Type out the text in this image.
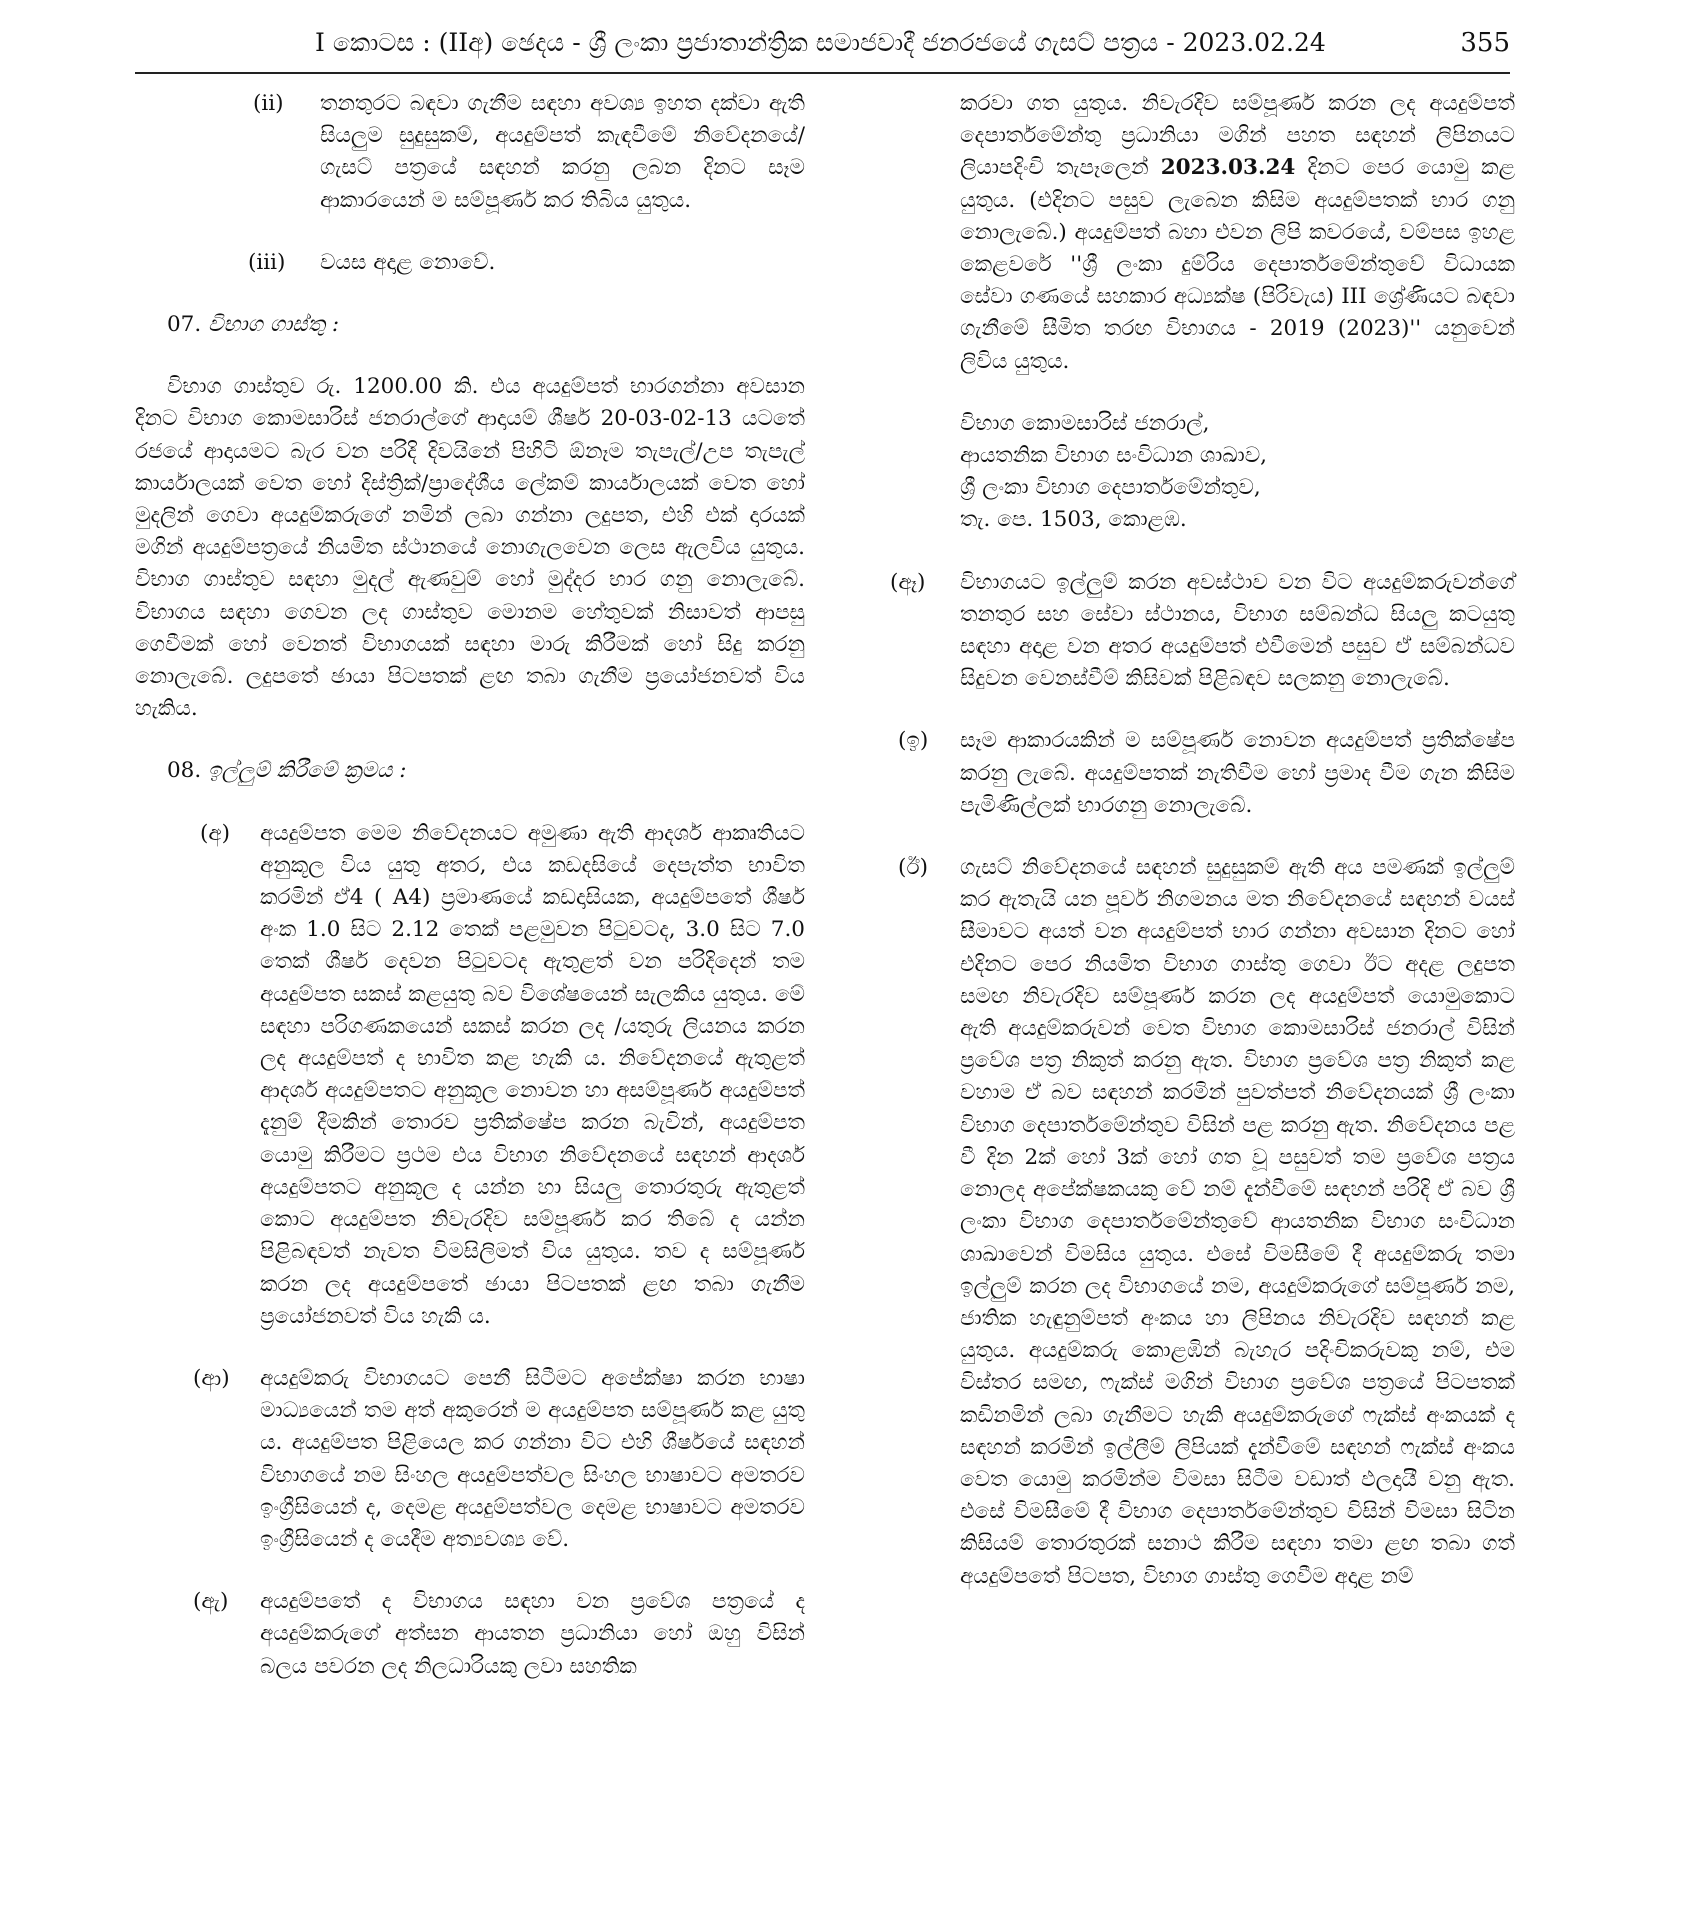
I කොටස : (IIඅ) ඡෙදය - ශ්‍රී ලංකා ප්‍රජාතාන්ත්‍රික සමාජවාදී ජනරජයේ ගැසට් පත්‍රය - 2023.02.24	355
(ii) තනතුරට බඳවා ගැනීම සඳහා අවශ්‍ය ඉහත දක්වා ඇති සියලුම සුදුසුකම්, අයදුම්පත් කැඳවීමේ නිවේදනයේ/ගැසට් පත්‍රයේ සඳහන් කරනු ලබන දිනට සෑම ආකාරයෙන් ම සම්පූර්ණ කර තිබිය යුතුය.

(iii) වයස අදාළ නොවේ.

07. විභාග ගාස්තු :

විභාග ගාස්තුව රු. 1200.00 කි. එය අයදුම්පත් භාරගන්නා අවසාන දිනට විභාග කොමසාරිස් ජනරාල්ගේ ආදායම් ශීර්ෂ 20-03-02-13 යටතේ රජයේ ආදායමට බැර වන පරිදි දිවයිනේ පිහිටි ඕනෑම තැපැල්/උප තැපැල් කාර්යාලයක් වෙත හෝ දිස්ත්‍රික්/ප්‍රාදේශීය ලේකම් කාර්යාලයක් වෙත හෝ මුදලින් ගෙවා අයදුම්කරුගේ නමින් ලබා ගන්නා ලදුපත, එහි එක් දාරයක් මගින් අයදුම්පත්‍රයේ නියමිත ස්ථානයේ නොගැලවෙන ලෙස ඇලවිය යුතුය. විභාග ගාස්තුව සඳහා මුදල් ඇණවුම් හෝ මුද්දර භාර ගනු නොලැබේ. විභාගය සඳහා ගෙවන ලද ගාස්තුව මොනම හේතුවක් නිසාවත් ආපසු ගෙවීමක් හෝ වෙනත් විභාගයක් සඳහා මාරු කිරීමක් හෝ සිදු කරනු නොලැබේ. ලදුපතේ ඡායා පිටපතක් ළඟ තබා ගැනීම ප්‍රයෝජනවත් විය හැකිය.

08. ඉල්ලුම් කිරීමේ ක්‍රමය :
(අ) අයදුම්පත මෙම නිවේදනයට අමුණා ඇති ආදර්ශ ආකෘතියට අනුකූල විය යුතු අතර, එය කඩදසියේ දෙපැත්ත භාවිත කරමින් ඒ4 ( A4) ප්‍රමාණයේ කඩදාසියක, අයදුම්පතේ ශීර්ෂ අංක 1.0 සිට 2.12 තෙක් පළමුවන පිටුවටද, 3.0 සිට 7.0 තෙක් ශීර්ෂ දෙවන පිටුවටද ඇතුළත් වන පරිදිදෙන් තම අයදුම්පත සකස් කළයුතු බව විශේෂයෙන් සැලකිය යුතුය. මේ සඳහා පරිගණකයෙන් සකස් කරන ලද /යතුරු ලියනය කරන ලද අයදුම්පත් ද භාවිත කළ හැකි ය. නිවේදනයේ ඇතුළත් ආදර්ශ අයදුම්පතට අනුකූල නොවන හා අසම්පූර්ණ අයදුම්පත් දැනුම් දීමකින් තොරව ප්‍රතික්ෂේප කරන බැවින්, අයදුම්පත යොමු කිරීමට ප්‍රථම එය විභාග නිවේදනයේ සඳහන් ආදර්ශ අයදුම්පතට අනුකූල ද යන්න හා සියලු තොරතුරු ඇතුළත් කොට අයදුම්පත නිවැරදිව සම්පූර්ණ කර තිබේ ද යන්න පිළිබඳවත් නැවත විමසිලිමත් විය යුතුය. තව ද සම්පූර්ණ කරන ලද අයදුම්පතේ ඡායා පිටපතක් ළඟ තබා ගැනීම ප්‍රයෝජනවත් විය හැකි ය.

(ආ) අයදුම්කරු විභාගයට පෙනී සිටීමට අපේක්ෂා කරන භාෂා මාධ්‍යයෙන් තම අත් අකුරෙන් ම අයදුම්පත සම්පූර්ණ කළ යුතු ය. අයදුම්පත පිළියෙල කර ගන්නා විට එහි ශීර්ෂයේ සඳහන් විභාගයේ නම සිංහල අයදුම්පත්වල සිංහල භාෂාවට අමතරව ඉංග්‍රීසියෙන් ද, දෙමළ අයදුම්පත්වල දෙමළ භාෂාවට අමතරව ඉංග්‍රීසියෙන් ද යෙදීම අත්‍යවශ්‍ය වේ.

(ඇ) අයදුම්පතේ ද විභාගය සඳහා වන ප්‍රවේශ පත්‍රයේ ද අයදුම්කරුගේ අත්සන ආයතන ප්‍රධානියා හෝ ඔහු විසින් බලය පවරන ලද නිලධාරියකු ලවා සහතික

කරවා ගත යුතුය. නිවැරදිව සම්පූර්ණ කරන ලද අයදුම්පත් දෙපාර්තමේන්තු ප්‍රධානියා මගින් පහත සඳහන් ලිපිනයට ලියාපදිංචි තැපෑලෙන් 2023.03.24 දිනට පෙර යොමු කළ යුතුය. (එදිනට පසුව ලැබෙන කිසිම අයදුම්පතක් භාර ගනු නොලැබේ.) අයදුම්පත් බහා එවන ලිපි කවරයේ, වම්පස ඉහළ කෙළවරේ ''ශ්‍රී ලංකා දුම්රිය දෙපාර්තමේන්තුවේ විධායක සේවා ගණයේ සහකාර අධ්‍යක්ෂ (පිරිවැය) III ශ්‍රේණියට බඳවා ගැනීමේ සීමිත තරඟ විභාගය - 2019 (2023)'' යනුවෙන් ලිවිය යුතුය.

විභාග කොමසාරිස් ජනරාල්,
ආයතනික විභාග සංවිධාන ශාඛාව,
ශ්‍රී ලංකා විභාග දෙපාර්තමේන්තුව,
තැ. පෙ. 1503, කොළඹ.
(ඈ) විභාගයට ඉල්ලුම් කරන අවස්ථාව වන විට අයදුම්කරුවන්ගේ තනතුර සහ සේවා ස්ථානය, විභාග සම්බන්ධ සියලු කටයුතු සඳහා අදාළ වන අතර අයදුම්පත් එවීමෙන් පසුව ඒ සම්බන්ධව සිදුවන වෙනස්වීම් කිසිවක් පිළිබඳව සලකනු නොලැබේ.

(ඉ) සෑම ආකාරයකින් ම සම්පූර්ණ නොවන අයදුම්පත් ප්‍රතික්ෂේප කරනු ලැබේ. අයදුම්පතක් නැතිවීම හෝ ප්‍රමාද වීම ගැන කිසිම පැමිණිල්ලක් භාරගනු නොලැබේ.

(ඊ) ගැසට් නිවේදනයේ සඳහන් සුදුසුකම් ඇති අය පමණක් ඉල්ලුම් කර ඇතැයි යන පූර්ව නිගමනය මත නිවේදනයේ සඳහන් වයස් සීමාවට අයත් වන අයදුම්පත් භාර ගන්නා අවසාන දිනට හෝ එදිනට පෙර නියමිත විභාග ගාස්තු ගෙවා ඊට අදළ ලදුපත සමඟ නිවැරදිව සම්පූර්ණ කරන ලද අයදුම්පත් යොමුකොට ඇති අයදුම්කරුවන් වෙත විභාග කොමසාරිස් ජනරාල් විසින් ප්‍රවේශ පත්‍ර නිකුත් කරනු ඇත. විභාග ප්‍රවේශ පත්‍ර නිකුත් කළ වහාම ඒ බව සඳහන් කරමින් පුවත්පත් නිවේදනයක් ශ්‍රී ලංකා විභාග දෙපාර්තමේන්තුව විසින් පළ කරනු ඇත. නිවේදනය පළ වී දින 2ක් හෝ 3ක් හෝ ගත වූ පසුවත් තම ප්‍රවේශ පත්‍රය නොලද අපේක්ෂකයකු වේ නම් දැන්වීමේ සඳහන් පරිදි ඒ බව ශ්‍රී ලංකා විභාග දෙපාර්තමේන්තුවේ ආයතනික විභාග සංවිධාන ශාඛාවෙන් විමසිය යුතුය. එසේ විමසීමේ දී අයදුම්කරු තමා ඉල්ලුම් කරන ලද විභාගයේ නම, අයදුම්කරුගේ සම්පූර්ණ නම, ජාතික හැඳුනුම්පත් අංකය හා ලිපිනය නිවැරදිව සඳහන් කළ යුතුය. අයදුම්කරු කොළඹින් බැහැර පදිංචිකරුවකු නම්, එම විස්තර සමඟ, ෆැක්ස් මගින් විභාග ප්‍රවේශ පත්‍රයේ පිටපතක් කඩිනමින් ලබා ගැනීමට හැකි අයදුම්කරුගේ ෆැක්ස් අංකයක් ද සඳහන් කරමින් ඉල්ලීම් ලිපියක් දැන්වීමේ සඳහන් ෆැක්ස් අංකය වෙත යොමු කරමින්ම විමසා සිටීම වඩාත් ඵලදායී වනු ඇත. එසේ විමසීමේ දී විභාග දෙපාර්තමේන්තුව විසින් විමසා සිටින කිසියම් තොරතුරක් සනාථ කිරීම සඳහා තමා ළඟ තබා ගත් අයදුම්පතේ පිටපත, විභාග ගාස්තු ගෙවීම අදාළ නම්
